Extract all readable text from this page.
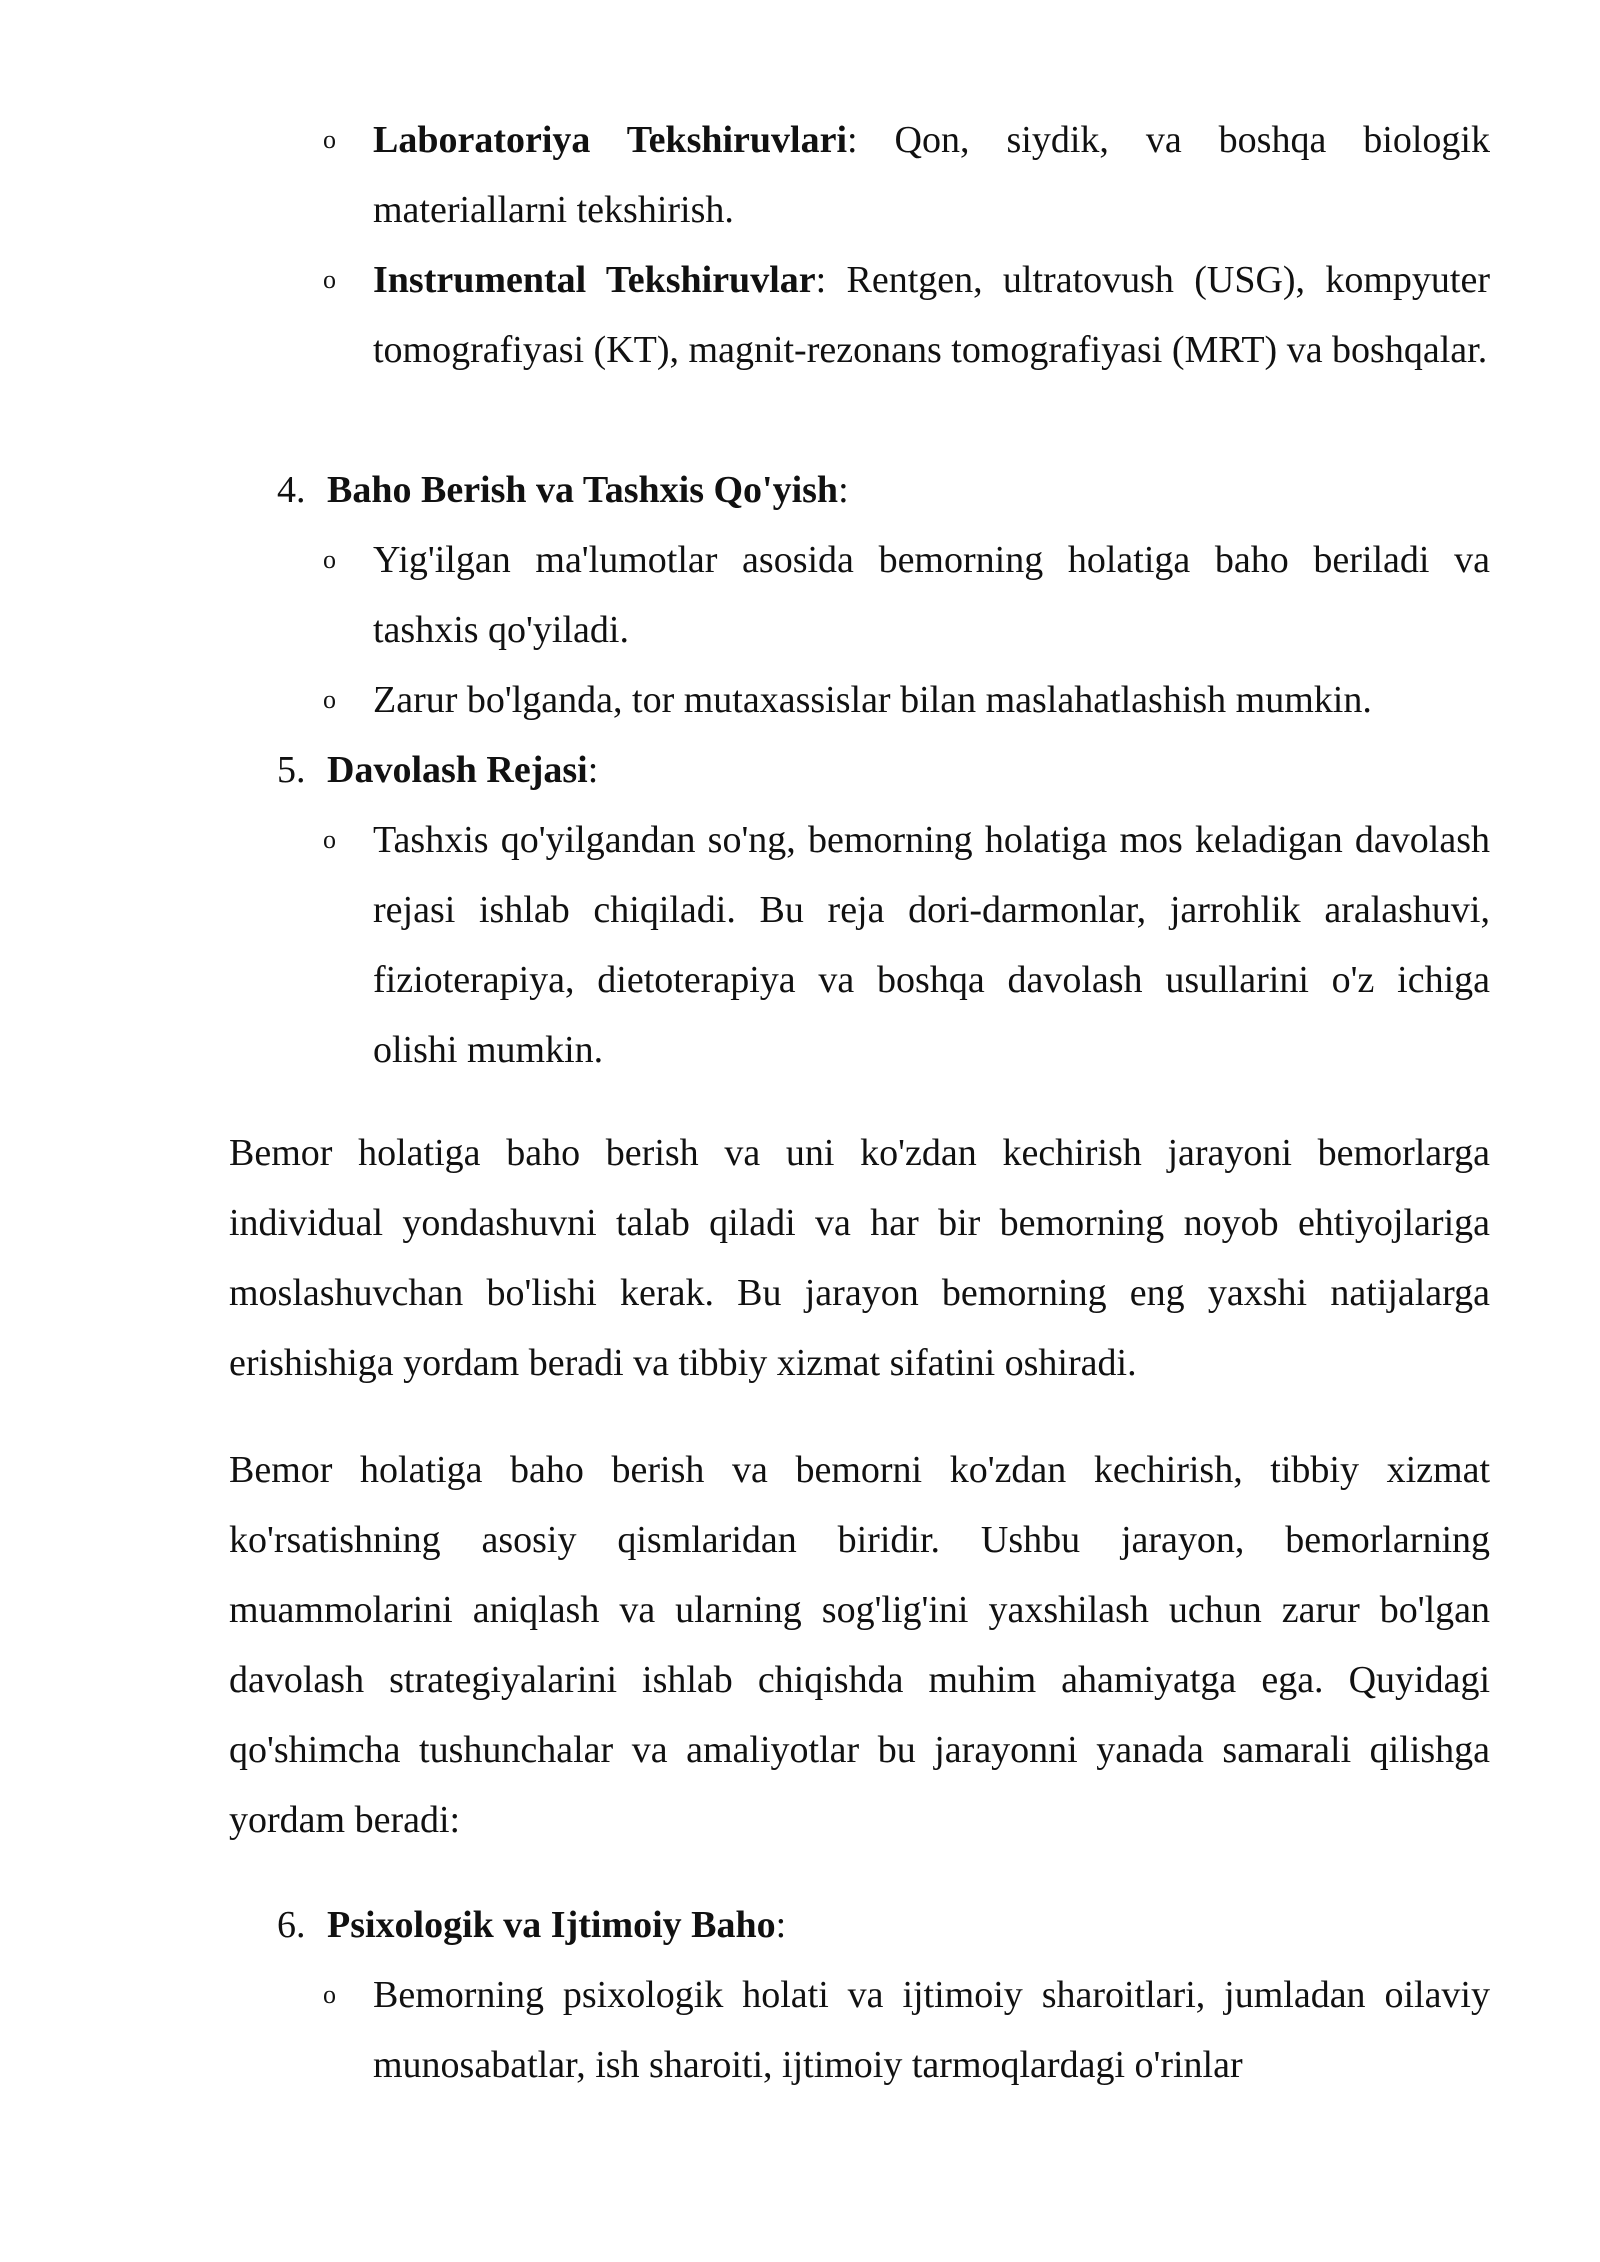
o Laboratoriya Tekshiruvlari: Qon, siydik, va boshqa biologik materiallarni tekshirish.
o Instrumental Tekshiruvlar: Rentgen, ultratovush (USG), kompyuter tomografiyasi (KT), magnit-rezonans tomografiyasi (MRT) va boshqalar.
4. Baho Berish va Tashxis Qo'yish:
o Yig'ilgan ma'lumotlar asosida bemorning holatiga baho beriladi va tashxis qo'yiladi.
o Zarur bo'lganda, tor mutaxassislar bilan maslahatlashish mumkin.
5. Davolash Rejasi:
o Tashxis qo'yilgandan so'ng, bemorning holatiga mos keladigan davolash rejasi ishlab chiqiladi. Bu reja dori-darmonlar, jarrohlik aralashuvi, fizioterapiya, dietoterapiya va boshqa davolash usullarini o'z ichiga olishi mumkin.
Bemor holatiga baho berish va uni ko'zdan kechirish jarayoni bemorlarga individual yondashuvni talab qiladi va har bir bemorning noyob ehtiyojlariga moslashuvchan bo'lishi kerak. Bu jarayon bemorning eng yaxshi natijalarga erishishiga yordam beradi va tibbiy xizmat sifatini oshiradi.
Bemor holatiga baho berish va bemorni ko'zdan kechirish, tibbiy xizmat ko'rsatishning asosiy qismlaridan biridir. Ushbu jarayon, bemorlarning muammolarini aniqlash va ularning sog'lig'ini yaxshilash uchun zarur bo'lgan davolash strategiyalarini ishlab chiqishda muhim ahamiyatga ega. Quyidagi qo'shimcha tushunchalar va amaliyotlar bu jarayonni yanada samarali qilishga yordam beradi:
6. Psixologik va Ijtimoiy Baho:
o Bemorning psixologik holati va ijtimoiy sharoitlari, jumladan oilaviy munosabatlar, ish sharoiti, ijtimoiy tarmoqlardagi o'rinlar
